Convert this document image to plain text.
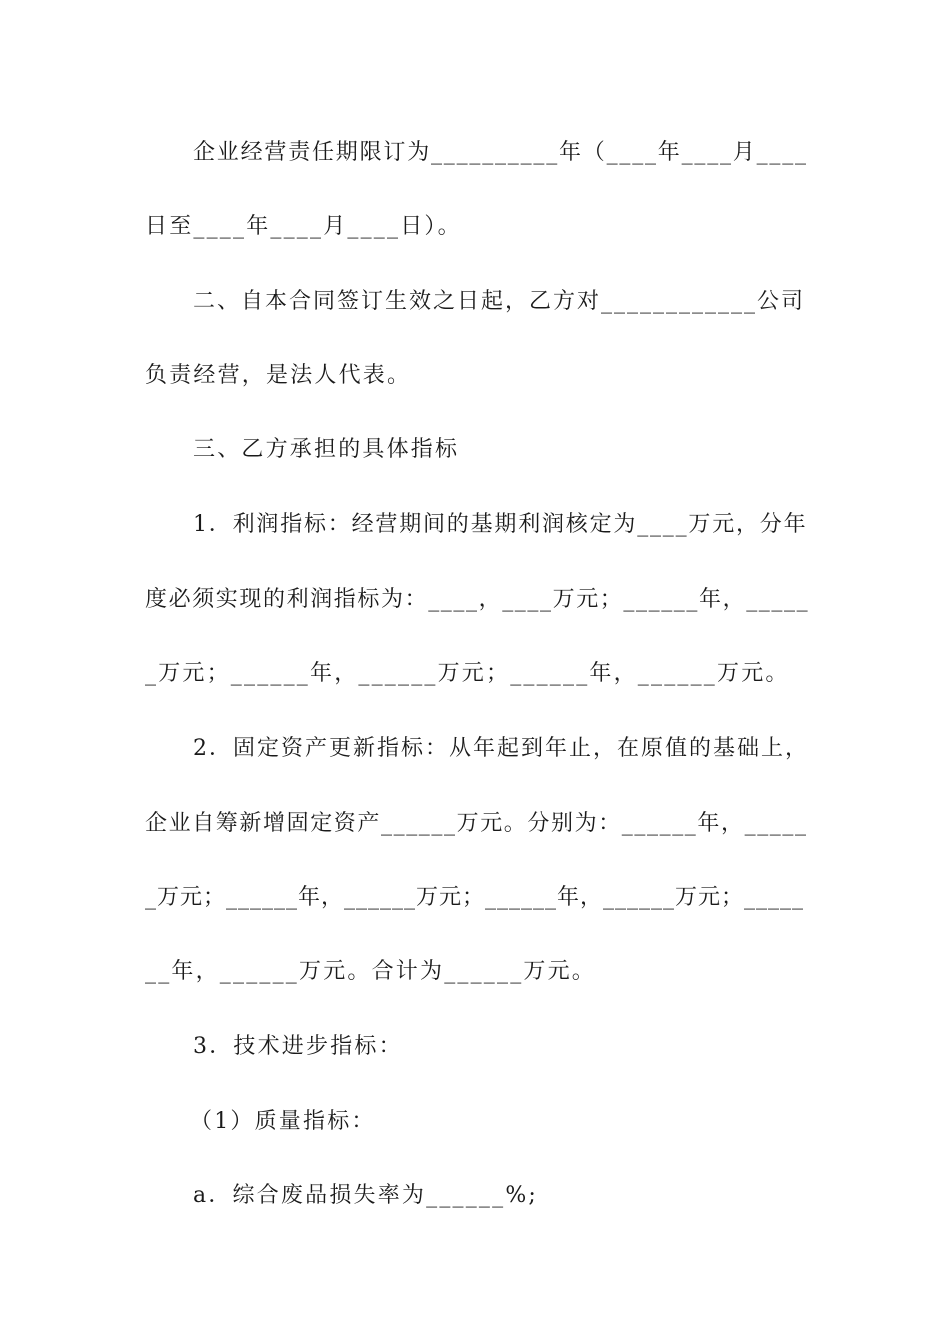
企业经营责任期限订为__________年（____年____月____
日至____年____月____日）。
二、自本合同签订生效之日起，乙方对____________公司
负责经营，是法人代表。
三、乙方承担的具体指标
1．利润指标：经营期间的基期利润核定为____万元，分年
度必须实现的利润指标为：____，____万元；______年，_____
_万元；______年，______万元；______年，______万元。
2．固定资产更新指标：从年起到年止，在原值的基础上，
企业自筹新增固定资产______万元。分别为：______年，_____
_万元；______年，______万元；______年，______万元；_____
__年，______万元。合计为______万元。
3．技术进步指标：
（1）质量指标：
a．综合废品损失率为______%;
